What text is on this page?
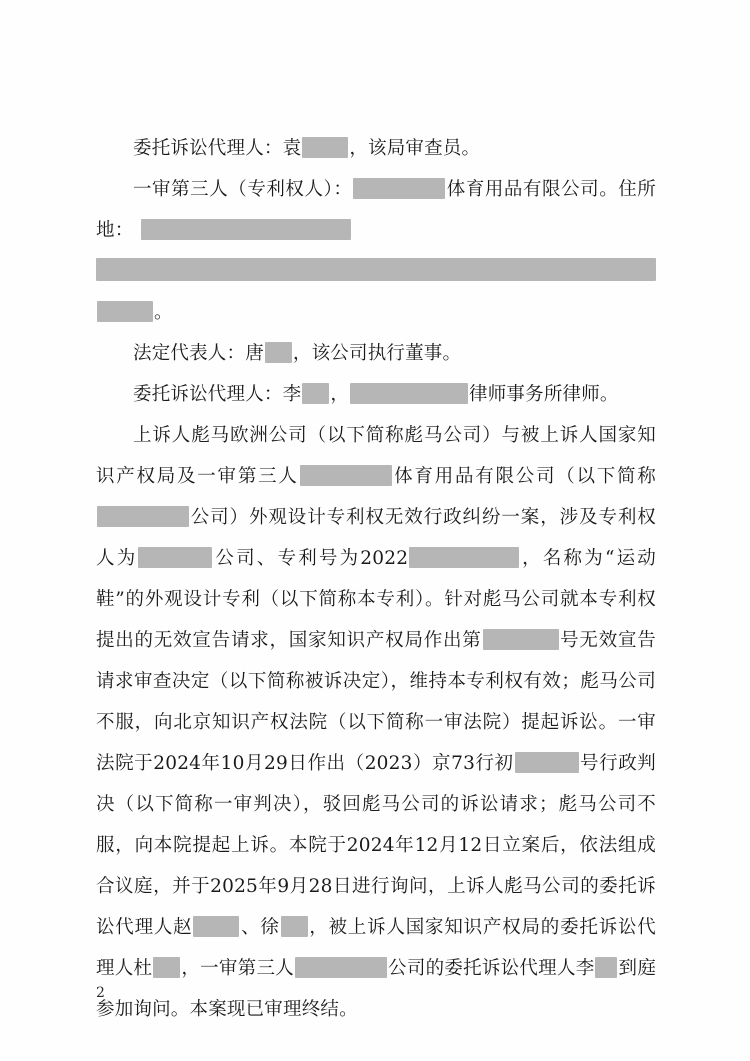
委托诉讼代理人：袁	，该局审查员。

一审第三人（专利权人）：	体育用品有限公司。住所地：
。

法定代表人：唐 ，该公司执行董事。

委托诉讼代理人：李 ，	律师事务所律师。

上诉人彪马欧洲公司（以下简称彪马公司）与被上诉人国家知识产权局及一审第三人	体育用品有限公司（以下简称公司）外观设计专利权无效行政纠纷一案，涉及专利权人为	公司、专利号为2022	，名称为“运动鞋”的外观设计专利（以下简称本专利）。针对彪马公司就本专利权提出的无效宣告请求，国家知识产权局作出第	号无效宣告请求审查决定（以下简称被诉决定），维持本专利权有效；彪马公司不服，向北京知识产权法院（以下简称一审法院）提起诉讼。一审法院于2024年10月29日作出（2023）京73行初	号行政判决（以下简称一审判决），驳回彪马公司的诉讼请求；彪马公司不服，向本院提起上诉。本院于2024年12月12日立案后，依法组成合议庭，并于2025年9月28日进行询问，上诉人彪马公司的委托诉讼代理人赵	、徐 ，被上诉人国家知识产权局的委托诉讼代理人杜 ，一审第三人	公司的委托诉讼代理人李 到庭参加询问。本案现已审理终结。

2
